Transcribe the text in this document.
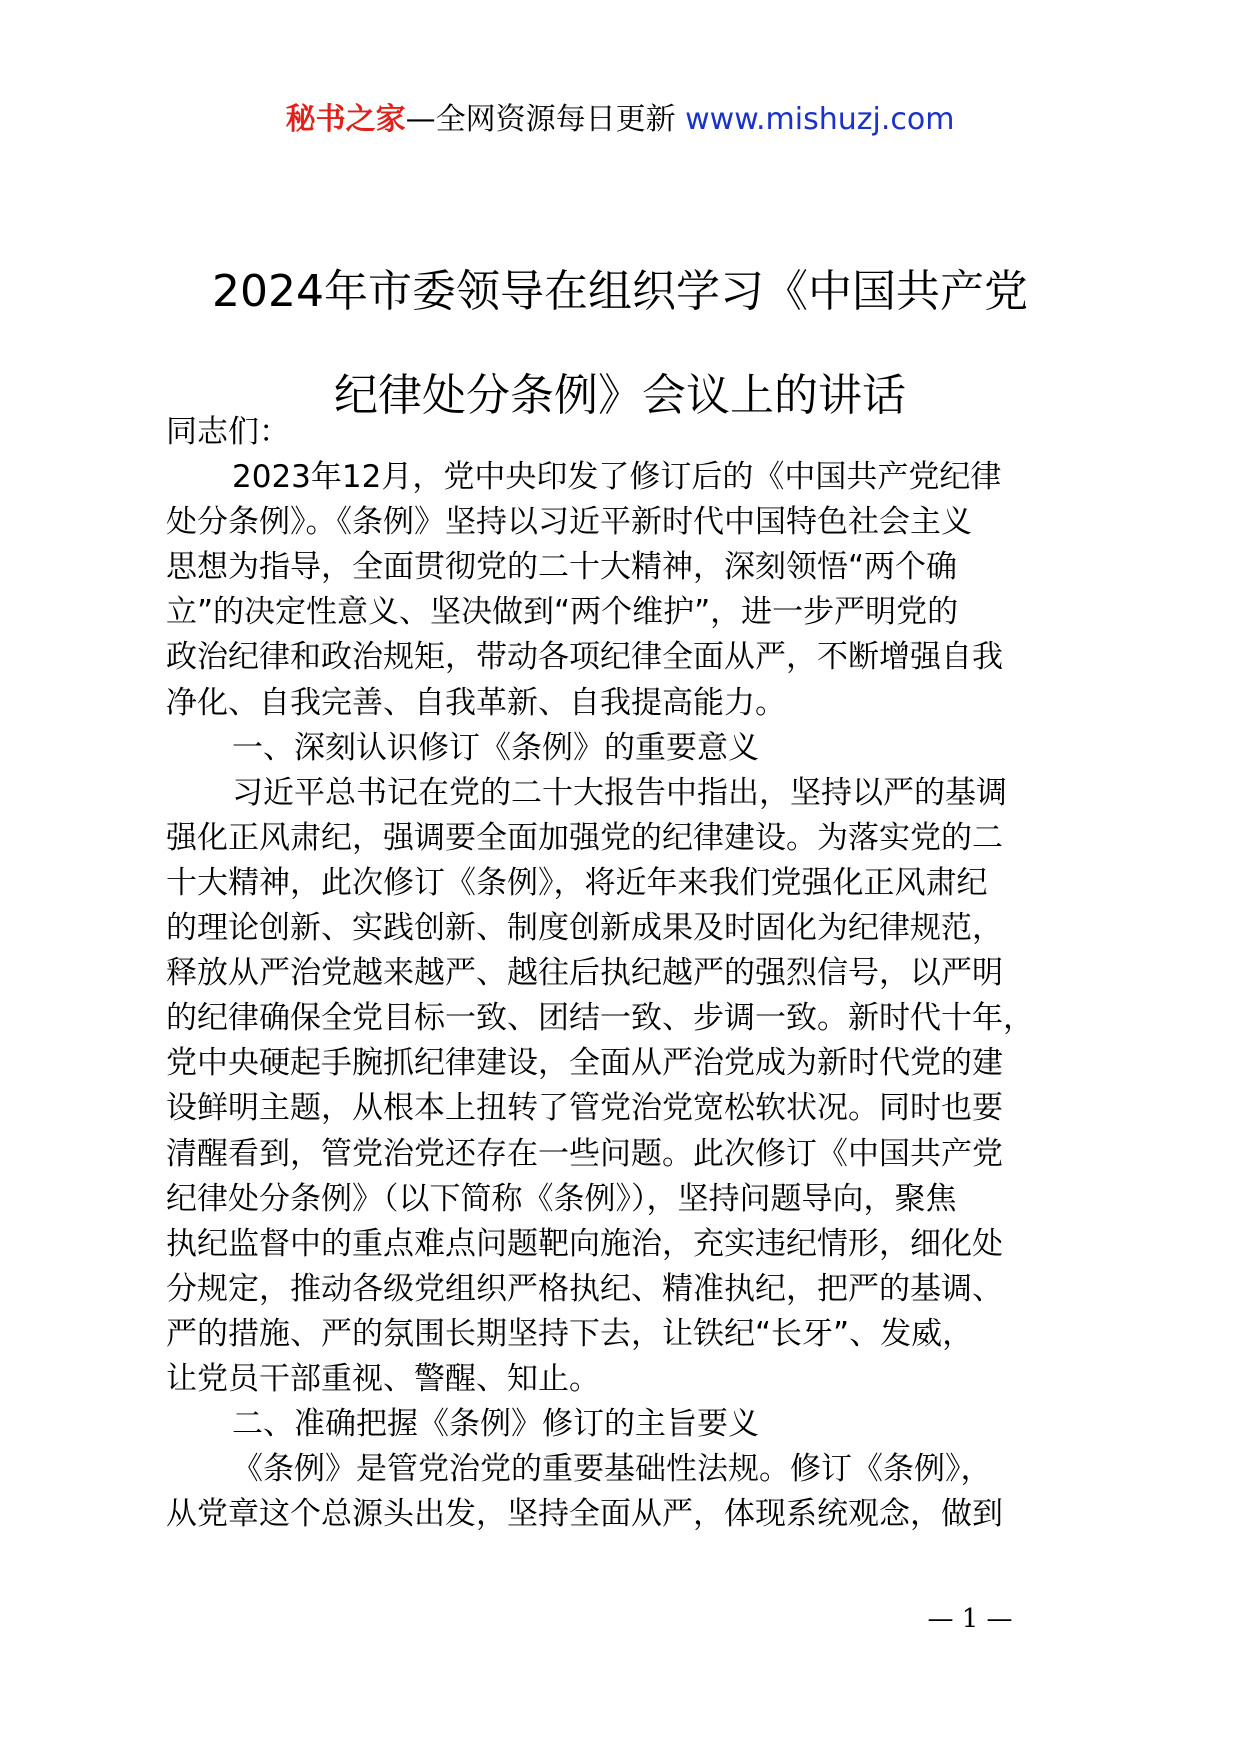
秘书之家—全网资源每日更新 www.mishuzj.com
2024年市委领导在组织学习《中国共产党
纪律处分条例》会议上的讲话
同志们：
2023年12月，党中央印发了修订后的《中国共产党纪律
处分条例》。《条例》坚持以习近平新时代中国特色社会主义
思想为指导，全面贯彻党的二十大精神，深刻领悟“两个确
立”的决定性意义、坚决做到“两个维护”，进一步严明党的
政治纪律和政治规矩，带动各项纪律全面从严，不断增强自我
净化、自我完善、自我革新、自我提高能力。
一、深刻认识修订《条例》的重要意义
习近平总书记在党的二十大报告中指出，坚持以严的基调
强化正风肃纪，强调要全面加强党的纪律建设。为落实党的二
十大精神，此次修订《条例》，将近年来我们党强化正风肃纪
的理论创新、实践创新、制度创新成果及时固化为纪律规范，
释放从严治党越来越严、越往后执纪越严的强烈信号，以严明
的纪律确保全党目标一致、团结一致、步调一致。新时代十年，
党中央硬起手腕抓纪律建设，全面从严治党成为新时代党的建
设鲜明主题，从根本上扭转了管党治党宽松软状况。同时也要
清醒看到，管党治党还存在一些问题。此次修订《中国共产党
纪律处分条例》（以下简称《条例》），坚持问题导向，聚焦
执纪监督中的重点难点问题靶向施治，充实违纪情形，细化处
分规定，推动各级党组织严格执纪、精准执纪，把严的基调、
严的措施、严的氛围长期坚持下去，让铁纪“长牙”、发威，
让党员干部重视、警醒、知止。
二、准确把握《条例》修订的主旨要义
《条例》是管党治党的重要基础性法规。修订《条例》，
从党章这个总源头出发，坚持全面从严，体现系统观念，做到
— 1 —
